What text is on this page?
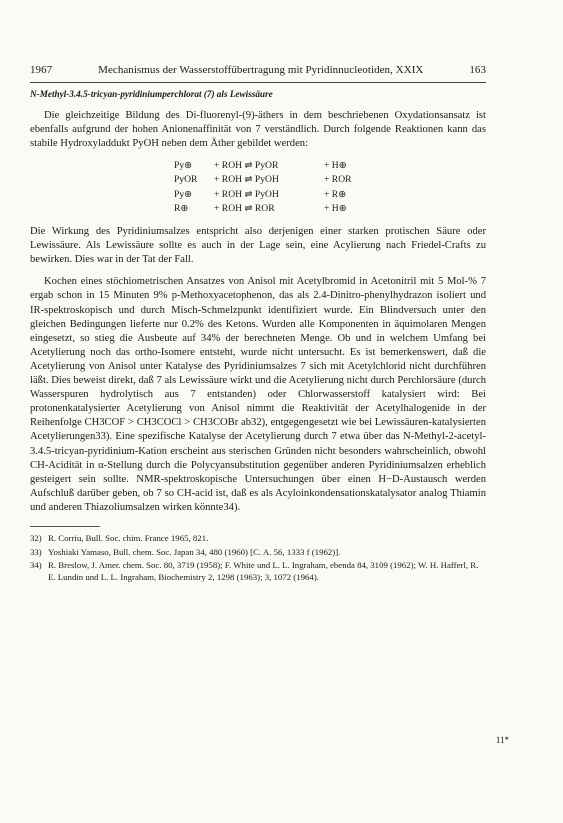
1967	Mechanismus der Wasserstoffübertragung mit Pyridinnucleotiden, XXIX	163
N-Methyl-3.4.5-tricyan-pyridiniumperchlorat (7) als Lewissäure

Die gleichzeitige Bildung des Di-fluorenyl-(9)-äthers in dem beschriebenen Oxydationsansatz ist ebenfalls aufgrund der hohen Anionenaffinität von 7 verständlich. Durch folgende Reaktionen kann das stabile Hydroxyladdukt PyOH neben dem Äther gebildet werden:

Py⊕	+ ROH ⇌ PyOR	+ H⊕
PyOR	+ ROH ⇌ PyOH	+ ROR
Py⊕	+ ROH ⇌ PyOH	+ R⊕
R⊕	+ ROH ⇌ ROR	+ H⊕

Die Wirkung des Pyridiniumsalzes entspricht also derjenigen einer starken protischen Säure oder Lewissäure. Als Lewissäure sollte es auch in der Lage sein, eine Acylierung nach Friedel-Crafts zu bewirken. Dies war in der Tat der Fall.

Kochen eines stöchiometrischen Ansatzes von Anisol mit Acetylbromid in Acetonitril mit 5 Mol-% 7 ergab schon in 15 Minuten 9% p-Methoxyacetophenon, das als 2.4-Dinitro-phenylhydrazon isoliert und IR-spektroskopisch und durch Misch-Schmelzpunkt identifiziert wurde. Ein Blindversuch unter den gleichen Bedingungen lieferte nur 0.2% des Ketons. Wurden alle Komponenten in äquimolaren Mengen eingesetzt, so stieg die Ausbeute auf 34% der berechneten Menge. Ob und in welchem Umfang bei Acetylierung noch das ortho-Isomere entsteht, wurde nicht untersucht. Es ist bemerkenswert, daß die Acetylierung von Anisol unter Katalyse des Pyridiniumsalzes 7 sich mit Acetylchlorid nicht durchführen läßt. Dies beweist direkt, daß 7 als Lewissäure wirkt und die Acetylierung nicht durch Perchlorsäure (durch Wasserspuren hydrolytisch aus 7 entstanden) oder Chlorwasserstoff katalysiert wird: Bei protonenkatalysierter Acetylierung von Anisol nimmt die Reaktivität der Acetylhalogenide in der Reihenfolge CH3COF > CH3COCl > CH3COBr ab32), entgegengesetzt wie bei Lewissäuren-katalysierten Acetylierungen33). Eine spezifische Katalyse der Acetylierung durch 7 etwa über das N-Methyl-2-acetyl-3.4.5-tricyan-pyridinium-Kation erscheint aus sterischen Gründen nicht besonders wahrscheinlich, obwohl CH-Acidität in α-Stellung durch die Polycyansubstitution gegenüber anderen Pyridiniumsalzen erheblich gesteigert sein sollte. NMR-spektroskopische Untersuchungen über einen H−D-Austausch werden Aufschluß darüber geben, ob 7 so CH-acid ist, daß es als Acyloinkondensationskatalysator analog Thiamin und anderen Thiazoliumsalzen wirken könnte34).

32) R. Corriu, Bull. Soc. chim. France 1965, 821.
33) Yoshiaki Yamaso, Bull. chem. Soc. Japan 34, 480 (1960) [C. A. 56, 1333 f (1962)].
34) R. Breslow, J. Amer. chem. Soc. 80, 3719 (1958); F. White und L. L. Ingraham, ebenda 84, 3109 (1962); W. H. Hafferl, R. E. Lundin und L. L. Ingraham, Biochemistry 2, 1298 (1963); 3, 1072 (1964).
11*
